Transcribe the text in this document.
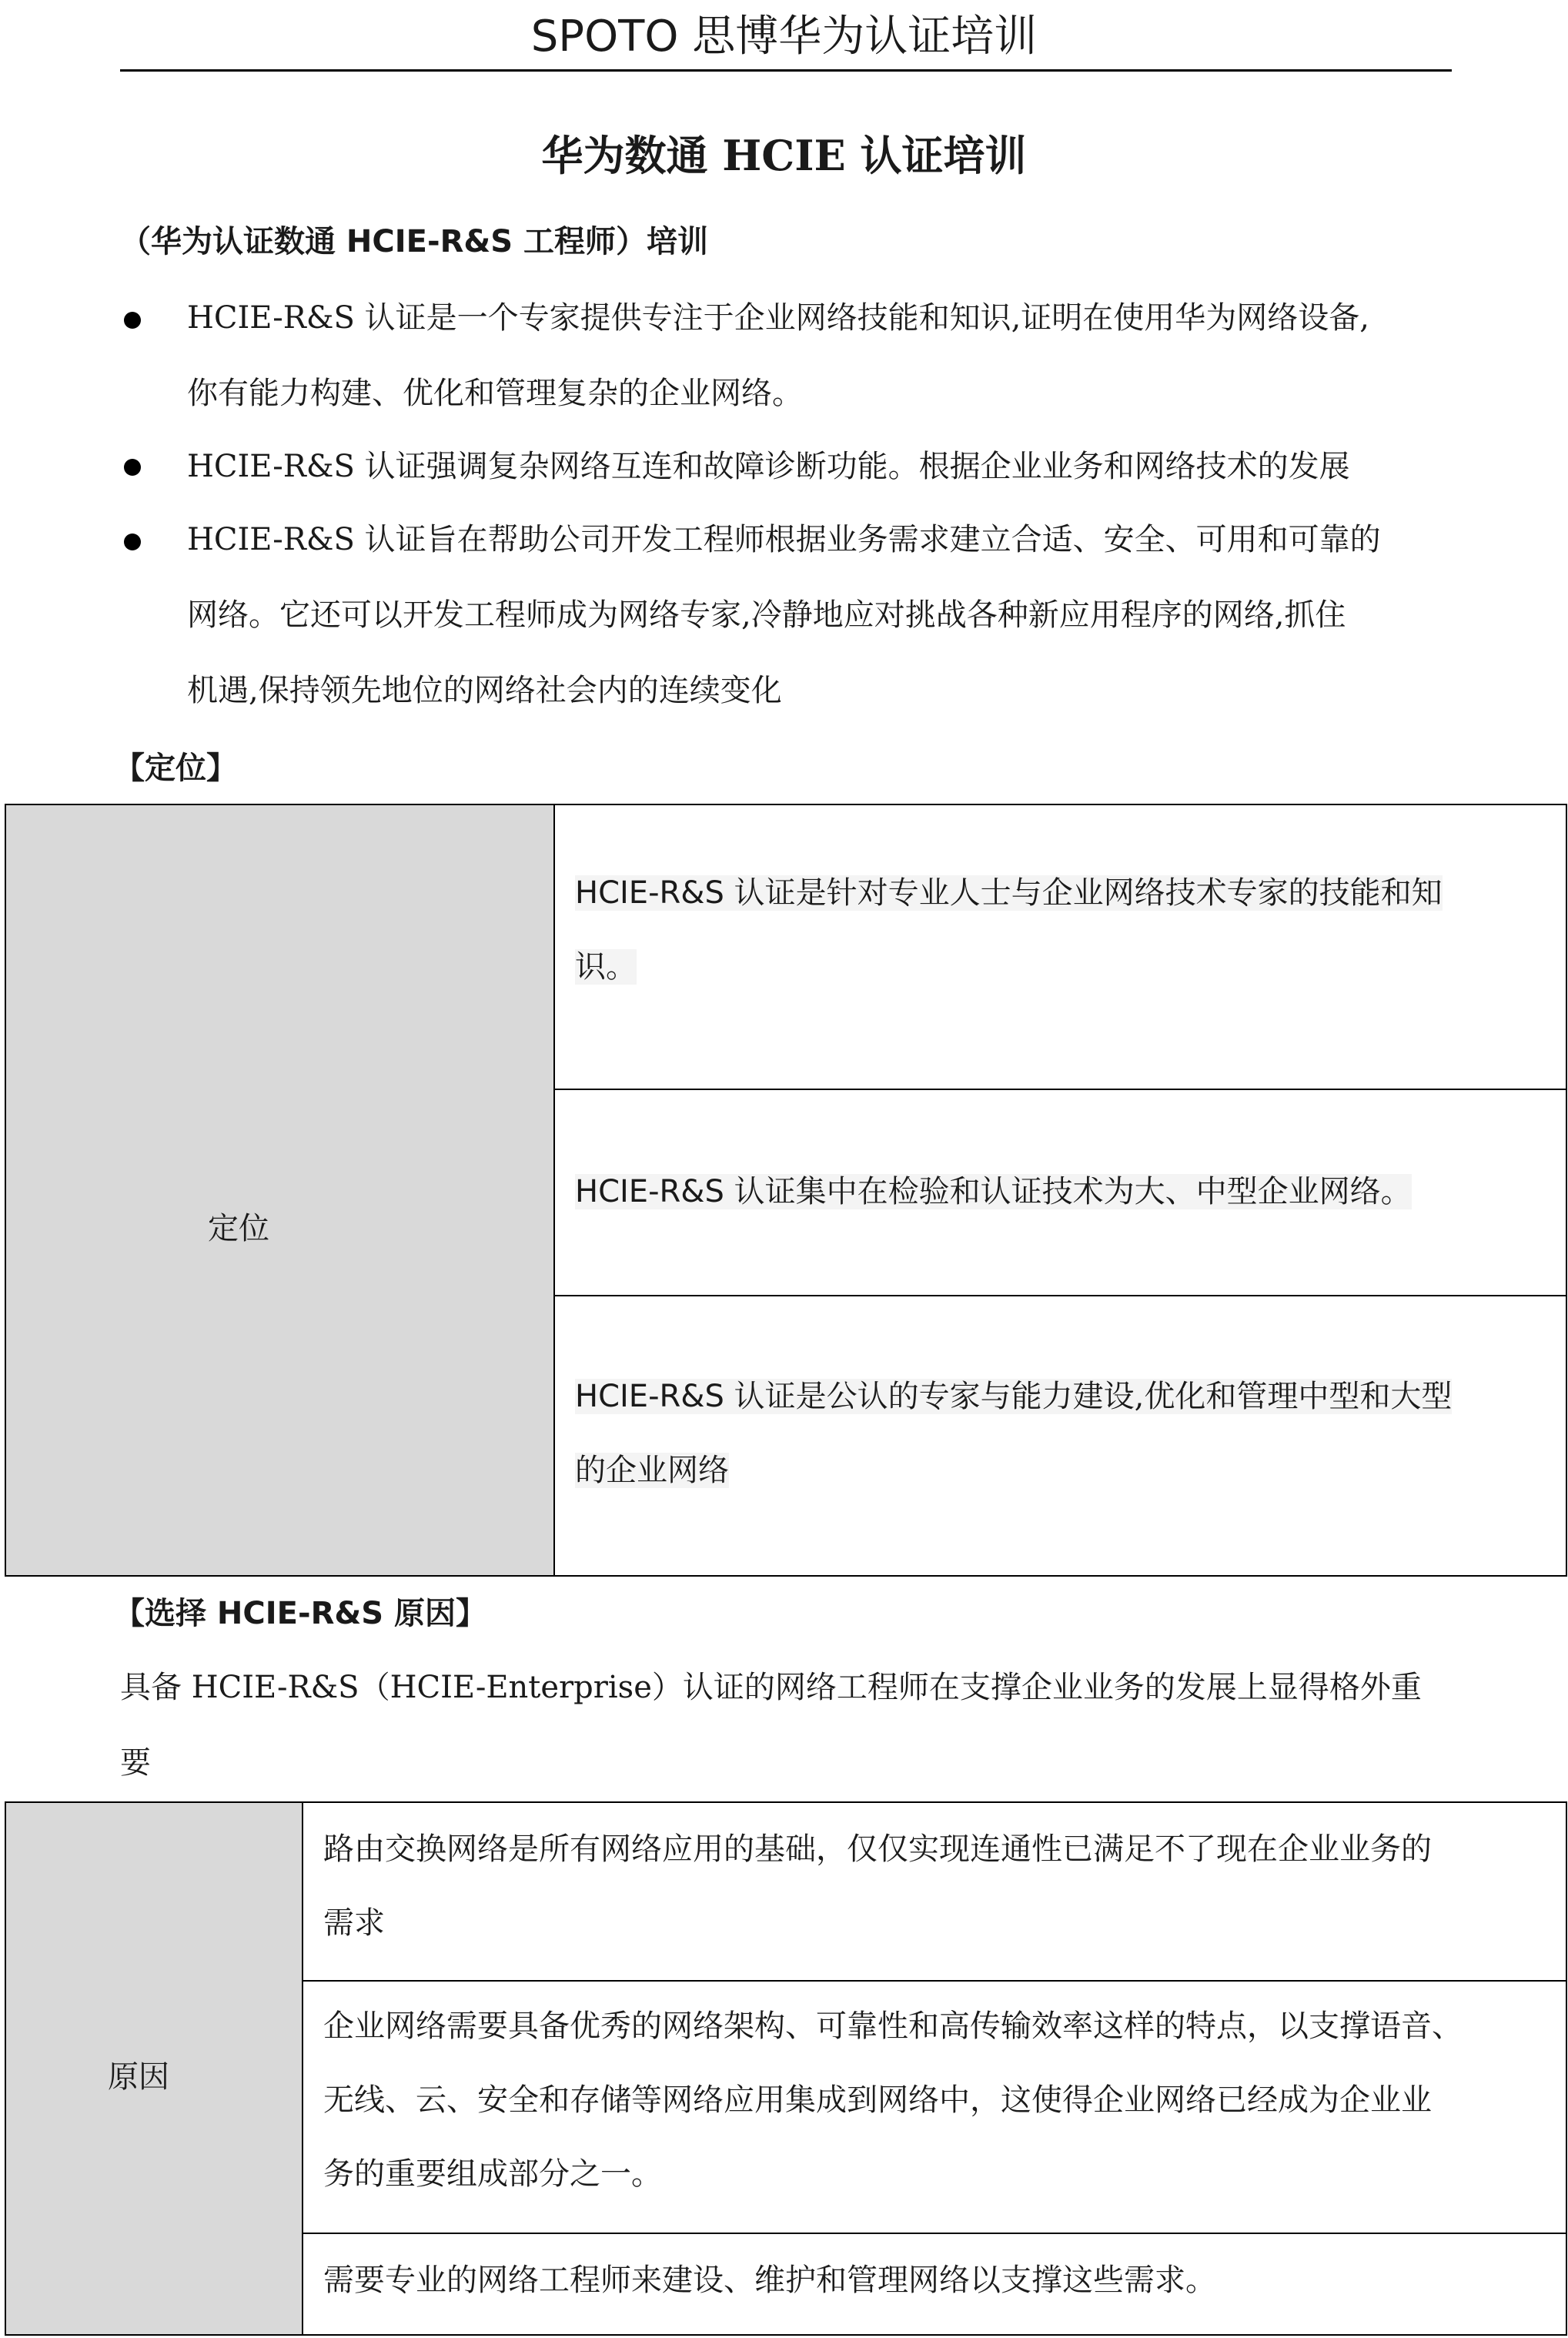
SPOTO 思博华为认证培训
华为数通 HCIE 认证培训
（华为认证数通 HCIE-R&S 工程师）培训
HCIE-R&S 认证是一个专家提供专注于企业网络技能和知识,证明在使用华为网络设备,
你有能力构建、优化和管理复杂的企业网络。
HCIE-R&S 认证强调复杂网络互连和故障诊断功能。根据企业业务和网络技术的发展
HCIE-R&S 认证旨在帮助公司开发工程师根据业务需求建立合适、安全、可用和可靠的
网络。它还可以开发工程师成为网络专家,冷静地应对挑战各种新应用程序的网络,抓住
机遇,保持领先地位的网络社会内的连续变化
【定位】
定位
HCIE-R&S 认证是针对专业人士与企业网络技术专家的技能和知
识。
HCIE-R&S 认证集中在检验和认证技术为大、中型企业网络。
HCIE-R&S 认证是公认的专家与能力建设,优化和管理中型和大型
的企业网络
【选择 HCIE-R&S 原因】
具备 HCIE-R&S（HCIE-Enterprise）认证的网络工程师在支撑企业业务的发展上显得格外重
要
原因
路由交换网络是所有网络应用的基础，仅仅实现连通性已满足不了现在企业业务的
需求
企业网络需要具备优秀的网络架构、可靠性和高传输效率这样的特点，以支撑语音、
无线、云、安全和存储等网络应用集成到网络中，这使得企业网络已经成为企业业
务的重要组成部分之一。
需要专业的网络工程师来建设、维护和管理网络以支撑这些需求。
